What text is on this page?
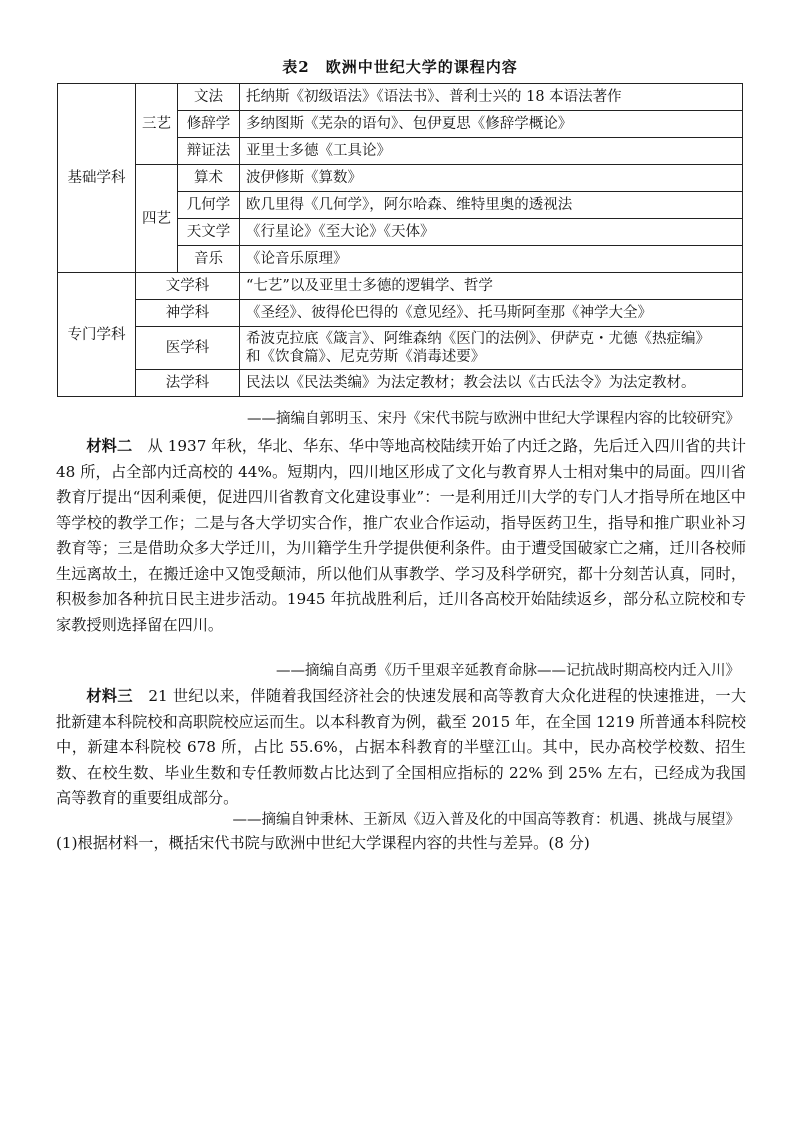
表2　欧洲中世纪大学的课程内容
基础学科	三艺	文法	托纳斯《初级语法》《语法书》、普利士兴的 18 本语法著作
		修辞学	多纳图斯《芜杂的语句》、包伊夏思《修辞学概论》
		辩证法	亚里士多德《工具论》
	四艺	算术	波伊修斯《算数》
		几何学	欧几里得《几何学》，阿尔哈森、维特里奥的透视法
		天文学	《行星论》《至大论》《天体》
		音乐	《论音乐原理》
专门学科	文学科		“七艺”以及亚里士多德的逻辑学、哲学
	神学科		《圣经》、彼得伦巴得的《意见经》、托马斯阿奎那《神学大全》
	医学科		希波克拉底《箴言》、阿维森纳《医门的法例》、伊萨克・尤德《热症编》
和《饮食篇》、尼克劳斯《消毒述要》
	法学科		民法以《民法类编》为法定教材；教会法以《古氏法令》为法定教材。
——摘编自郭明玉、宋丹《宋代书院与欧洲中世纪大学课程内容的比较研究》

材料二　从 1937 年秋，华北、华东、华中等地高校陆续开始了内迁之路，先后迁入四川省的共计 48 所，占全部内迁高校的 44%。短期内，四川地区形成了文化与教育界人士相对集中的局面。四川省教育厅提出“因利乘便，促进四川省教育文化建设事业”：一是利用迁川大学的专门人才指导所在地区中等学校的教学工作；二是与各大学切实合作，推广农业合作运动，指导医药卫生，指导和推广职业补习教育等；三是借助众多大学迁川，为川籍学生升学提供便利条件。由于遭受国破家亡之痛，迁川各校师生远离故土，在搬迁途中又饱受颠沛，所以他们从事教学、学习及科学研究，都十分刻苦认真，同时，积极参加各种抗日民主进步活动。1945 年抗战胜利后，迁川各高校开始陆续返乡，部分私立院校和专家教授则选择留在四川。

——摘编自高勇《历千里艰辛延教育命脉——记抗战时期高校内迁入川》

材料三　21 世纪以来，伴随着我国经济社会的快速发展和高等教育大众化进程的快速推进，一大批新建本科院校和高职院校应运而生。以本科教育为例，截至 2015 年，在全国 1219 所普通本科院校中，新建本科院校 678 所，占比 55.6%，占据本科教育的半壁江山。其中，民办高校学校数、招生数、在校生数、毕业生数和专任教师数占比达到了全国相应指标的 22% 到 25% 左右，已经成为我国高等教育的重要组成部分。

——摘编自钟秉林、王新凤《迈入普及化的中国高等教育：机遇、挑战与展望》

(1)根据材料一，概括宋代书院与欧洲中世纪大学课程内容的共性与差异。(8 分)
